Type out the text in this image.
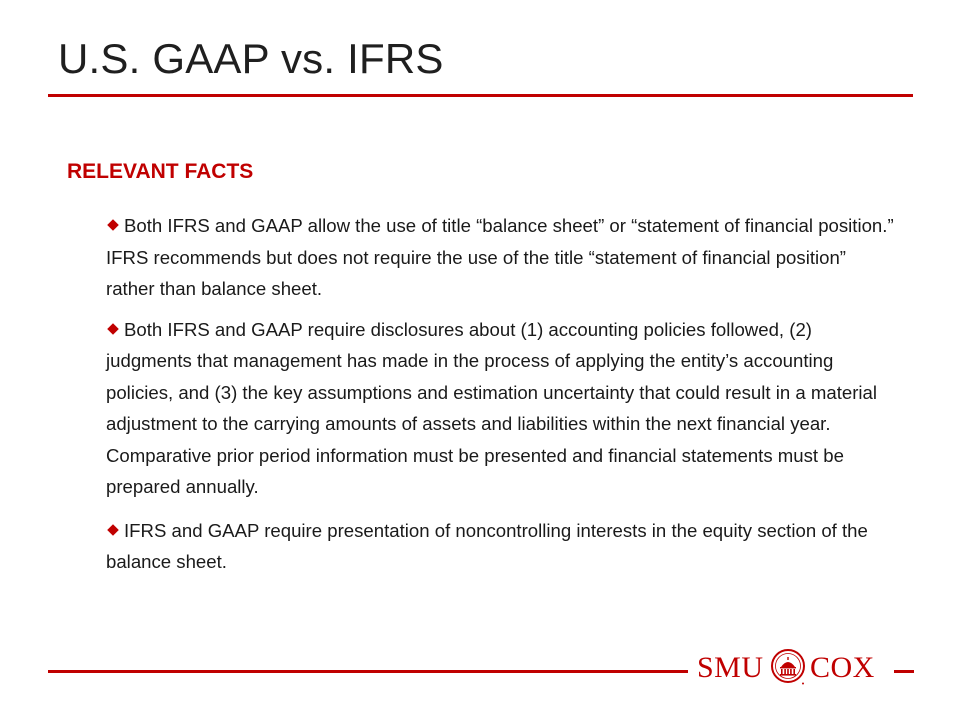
U.S. GAAP vs. IFRS
RELEVANT FACTS
Both IFRS and GAAP allow the use of title “balance sheet” or “statement of financial position.” IFRS recommends but does not require the use of the title “statement of financial position” rather than balance sheet.
Both IFRS and GAAP require disclosures about (1) accounting policies followed, (2) judgments that management has made in the process of applying the entity’s accounting policies, and (3) the key assumptions and estimation uncertainty that could result in a material adjustment to the carrying amounts of assets and liabilities within the next financial year. Comparative prior period information must be presented and financial statements must be prepared annually.
IFRS and GAAP require presentation of noncontrolling interests in the equity section of the balance sheet.
SMU COX
